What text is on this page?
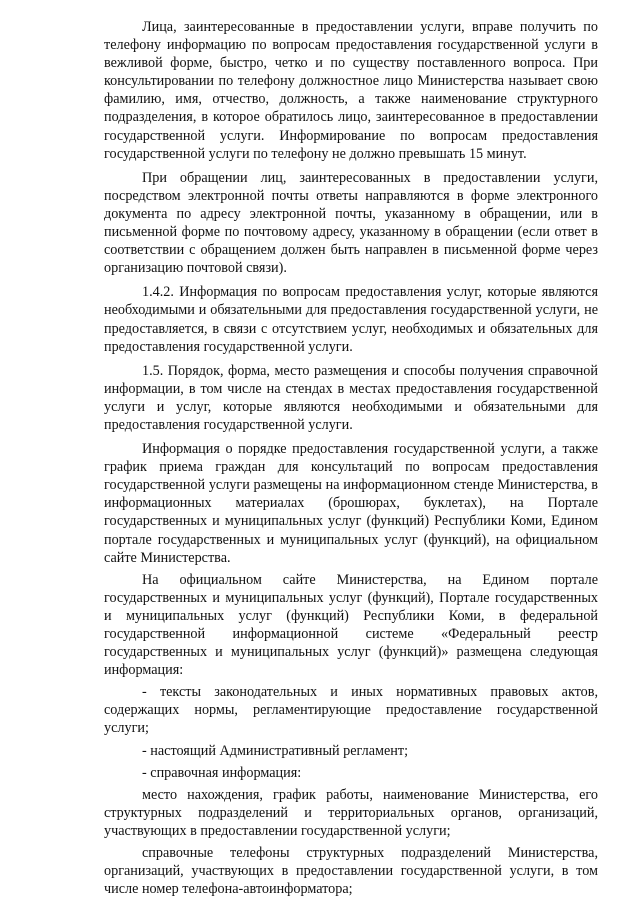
Лица, заинтересованные в предоставлении услуги, вправе получить по телефону информацию по вопросам предоставления государственной услуги в вежливой форме, быстро, четко и по существу поставленного вопроса. При консультировании по телефону должностное лицо Министерства называет свою фамилию, имя, отчество, должность, а также наименование структурного подразделения, в которое обратилось лицо, заинтересованное в предоставлении государственной услуги. Информирование по вопросам предоставления государственной услуги по телефону не должно превышать 15 минут.

При обращении лиц, заинтересованных в предоставлении услуги, посредством электронной почты ответы направляются в форме электронного документа по адресу электронной почты, указанному в обращении, или в письменной форме по почтовому адресу, указанному в обращении (если ответ в соответствии с обращением должен быть направлен в письменной форме через организацию почтовой связи).

1.4.2. Информация по вопросам предоставления услуг, которые являются необходимыми и обязательными для предоставления государственной услуги, не предоставляется, в связи с отсутствием услуг, необходимых и обязательных для предоставления государственной услуги.

1.5. Порядок, форма, место размещения и способы получения справочной информации, в том числе на стендах в местах предоставления государственной услуги и услуг, которые являются необходимыми и обязательными для предоставления государственной услуги.

Информация о порядке предоставления государственной услуги, а также график приема граждан для консультаций по вопросам предоставления государственной услуги размещены на информационном стенде Министерства, в информационных материалах (брошюрах, буклетах), на Портале государственных и муниципальных услуг (функций) Республики Коми, Едином портале государственных и муниципальных услуг (функций), на официальном сайте Министерства.

На официальном сайте Министерства, на Едином портале государственных и муниципальных услуг (функций), Портале государственных и муниципальных услуг (функций) Республики Коми, в федеральной государственной информационной системе «Федеральный реестр государственных и муниципальных услуг (функций)» размещена следующая информация:

- тексты законодательных и иных нормативных правовых актов, содержащих нормы, регламентирующие предоставление государственной услуги;

- настоящий Административный регламент;

- справочная информация:

место нахождения, график работы, наименование Министерства, его структурных подразделений и территориальных органов, организаций, участвующих в предоставлении государственной услуги;

справочные телефоны структурных подразделений Министерства, организаций, участвующих в предоставлении государственной услуги, в том числе номер телефона-автоинформатора;
